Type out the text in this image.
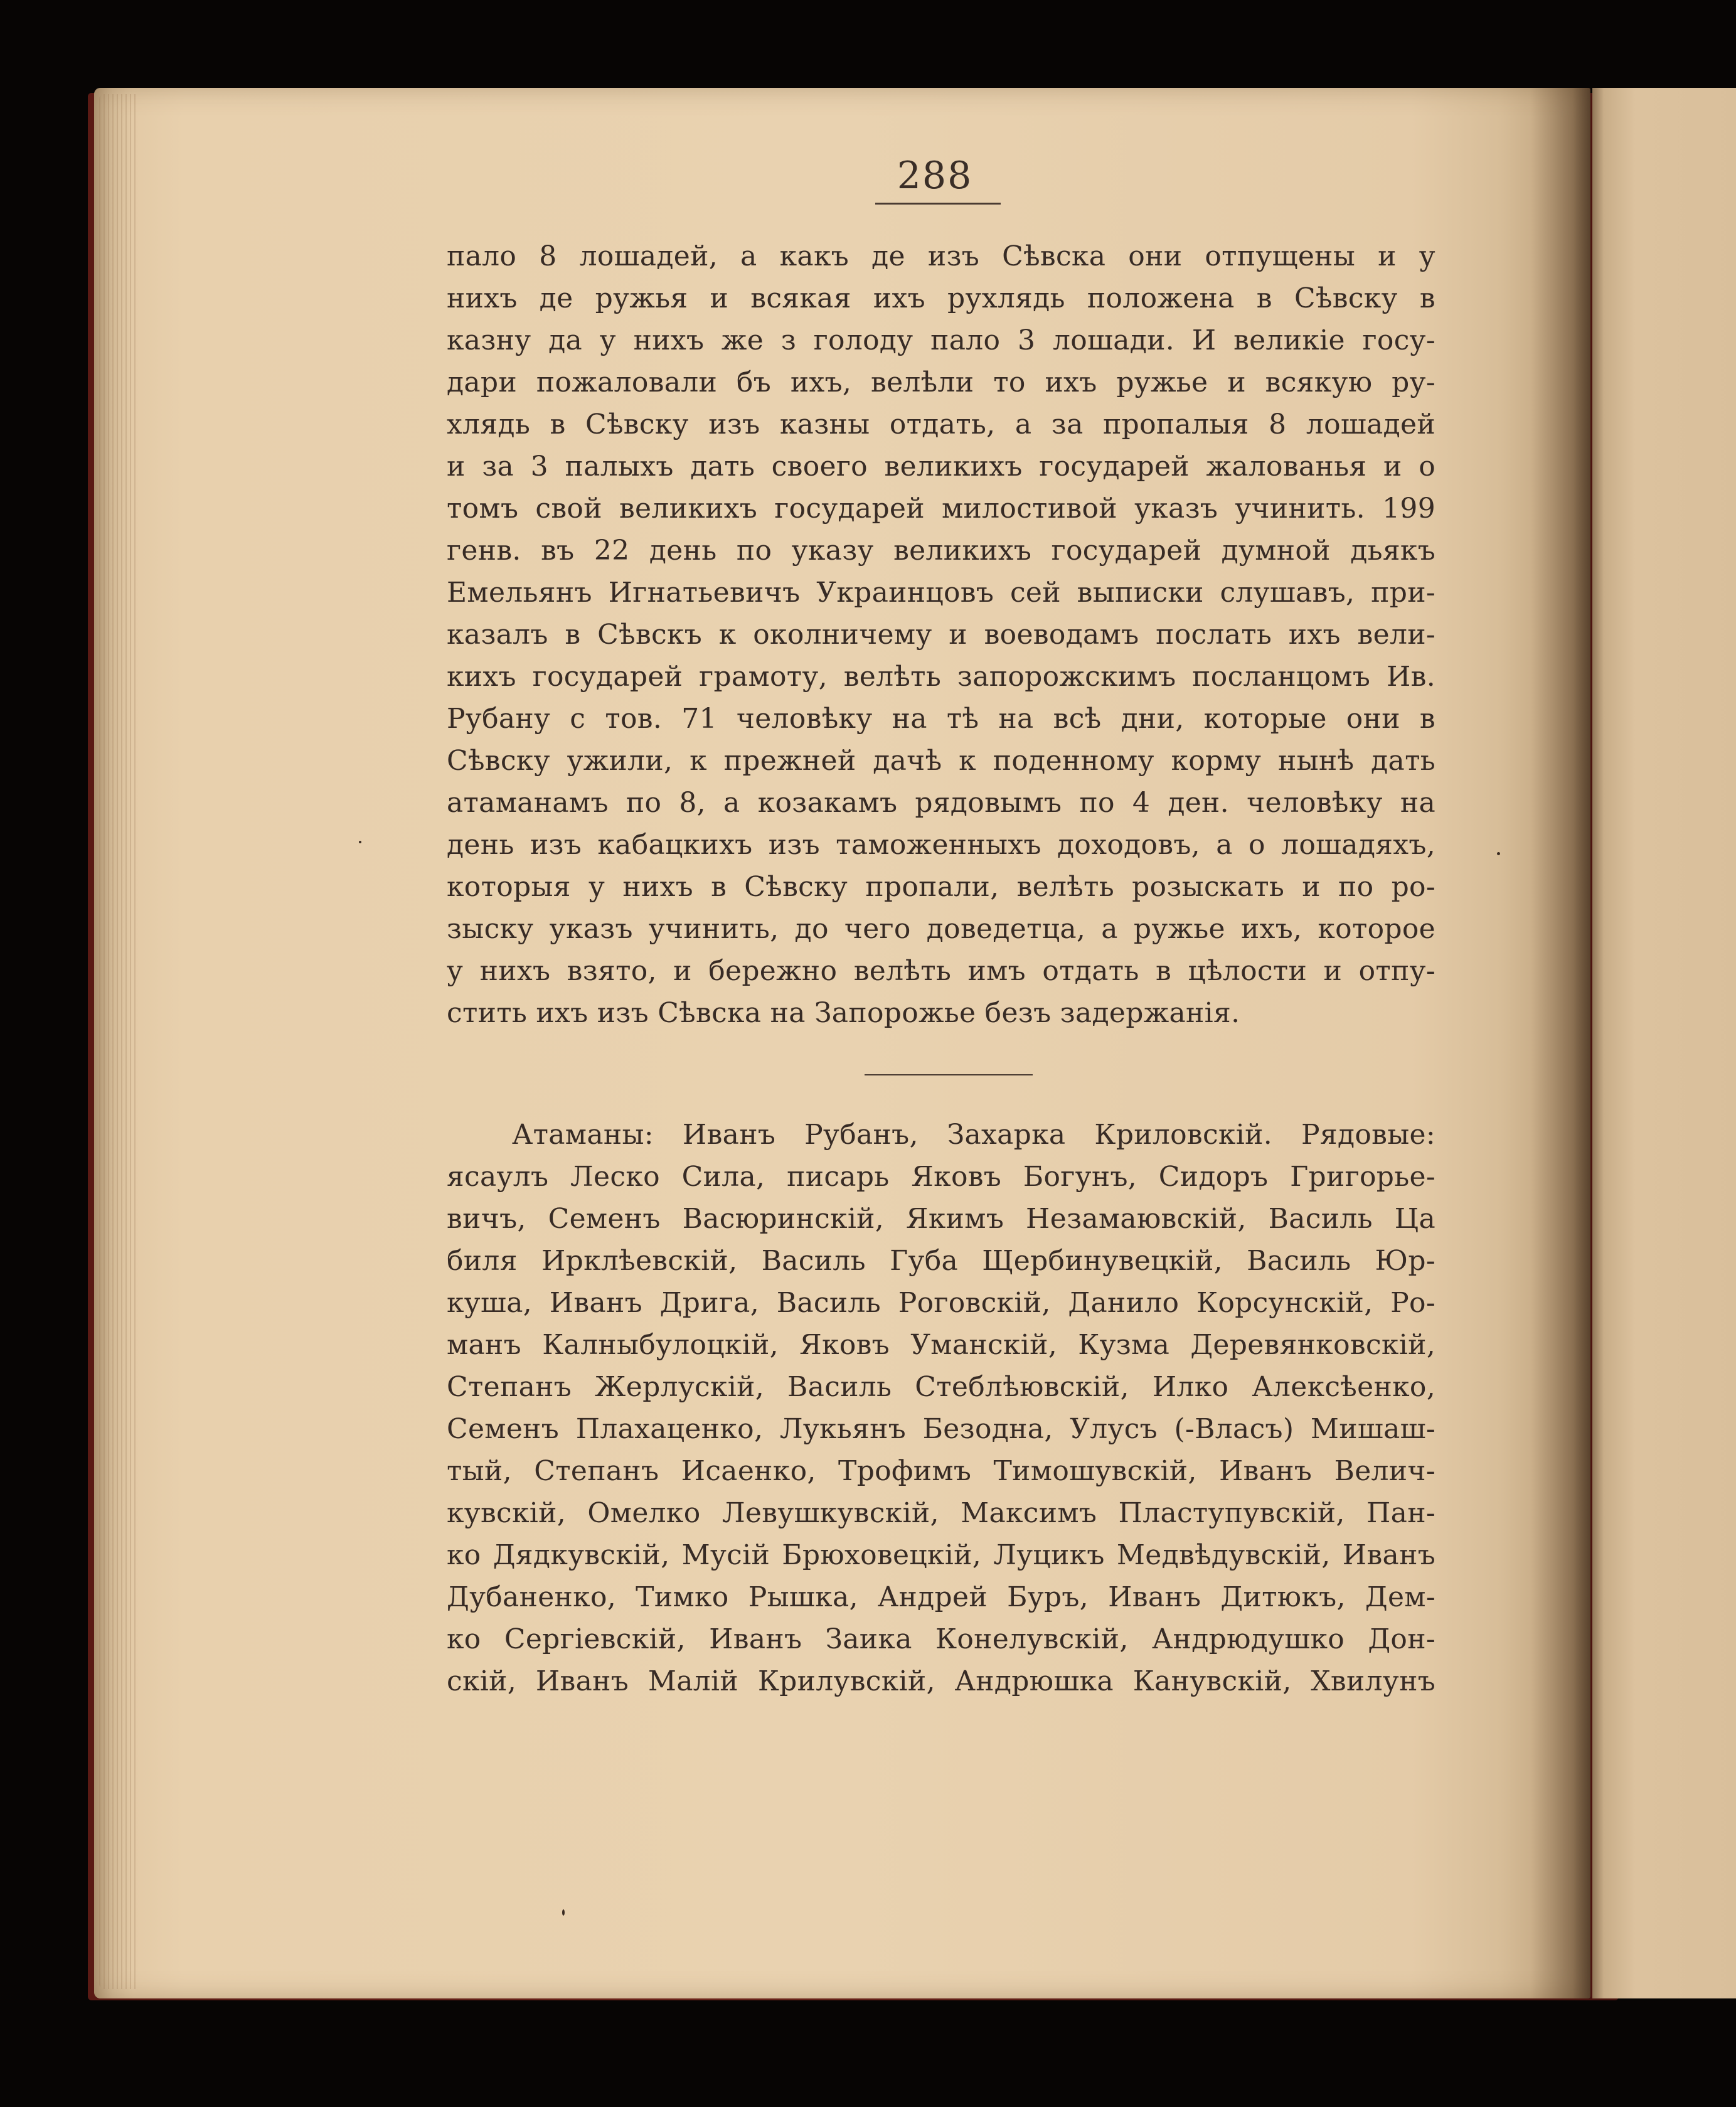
288
пало 8 лошадей, а какъ де изъ Сѣвска они отпущены и у
нихъ де ружья и всякая ихъ рухлядь положена в Сѣвску в
казну да у нихъ же з голоду пало 3 лошади. И великіе госу-
дари пожаловали бъ ихъ, велѣли то ихъ ружье и всякую ру-
хлядь в Сѣвску изъ казны отдать, а за пропалыя 8 лошадей
и за 3 палыхъ дать своего великихъ государей жалованья и о
томъ свой великихъ государей милостивой указъ учинить. 199
генв. въ 22 день по указу великихъ государей думной дьякъ
Емельянъ Игнатьевичъ Украинцовъ сей выписки слушавъ, при-
казалъ в Сѣвскъ к околничему и воеводамъ послать ихъ вели-
кихъ государей грамоту, велѣть запорожскимъ посланцомъ Ив.
Рубану с тов. 71 человѣку на тѣ на всѣ дни, которые они в
Сѣвску ужили, к прежней дачѣ к поденному корму нынѣ дать
атаманамъ по 8, а козакамъ рядовымъ по 4 ден. человѣку на
день изъ кабацкихъ изъ таможенныхъ доходовъ, а о лошадяхъ,
которыя у нихъ в Сѣвску пропали, велѣть розыскать и по ро-
зыску указъ учинить, до чего доведетца, а ружье ихъ, которое
у нихъ взято, и бережно велѣть имъ отдать в цѣлости и отпу-
стить ихъ изъ Сѣвска на Запорожье безъ задержанія.
Атаманы: Иванъ Рубанъ, Захарка Криловскій. Рядовые:
ясаулъ Леско Сила, писарь Яковъ Богунъ, Сидоръ Григорье-
вичъ, Семенъ Васюринскій, Якимъ Незамаювскій, Василь Ца
биля Ирклѣевскій, Василь Губа Щербинувецкій, Василь Юр-
куша, Иванъ Дрига, Василь Роговскій, Данило Корсунскій, Ро-
манъ Калныбулоцкій, Яковъ Уманскій, Кузма Деревянковскій,
Степанъ Жерлускій, Василь Стеблѣювскій, Илко Алексѣенко,
Семенъ Плахаценко, Лукьянъ Безодна, Улусъ (-Власъ) Мишаш-
тый, Степанъ Исаенко, Трофимъ Тимошувскій, Иванъ Велич-
кувскій, Омелко Левушкувскій, Максимъ Пластупувскій, Пан-
ко Дядкувскій, Мусій Брюховецкій, Луцикъ Медвѣдувскій, Иванъ
Дубаненко, Тимко Рышка, Андрей Буръ, Иванъ Дитюкъ, Дем-
ко Сергіевскій, Иванъ Заика Конелувскій, Андрюдушко Дон-
скій, Иванъ Малій Крилувскій, Андрюшка Канувскій, Хвилунъ
